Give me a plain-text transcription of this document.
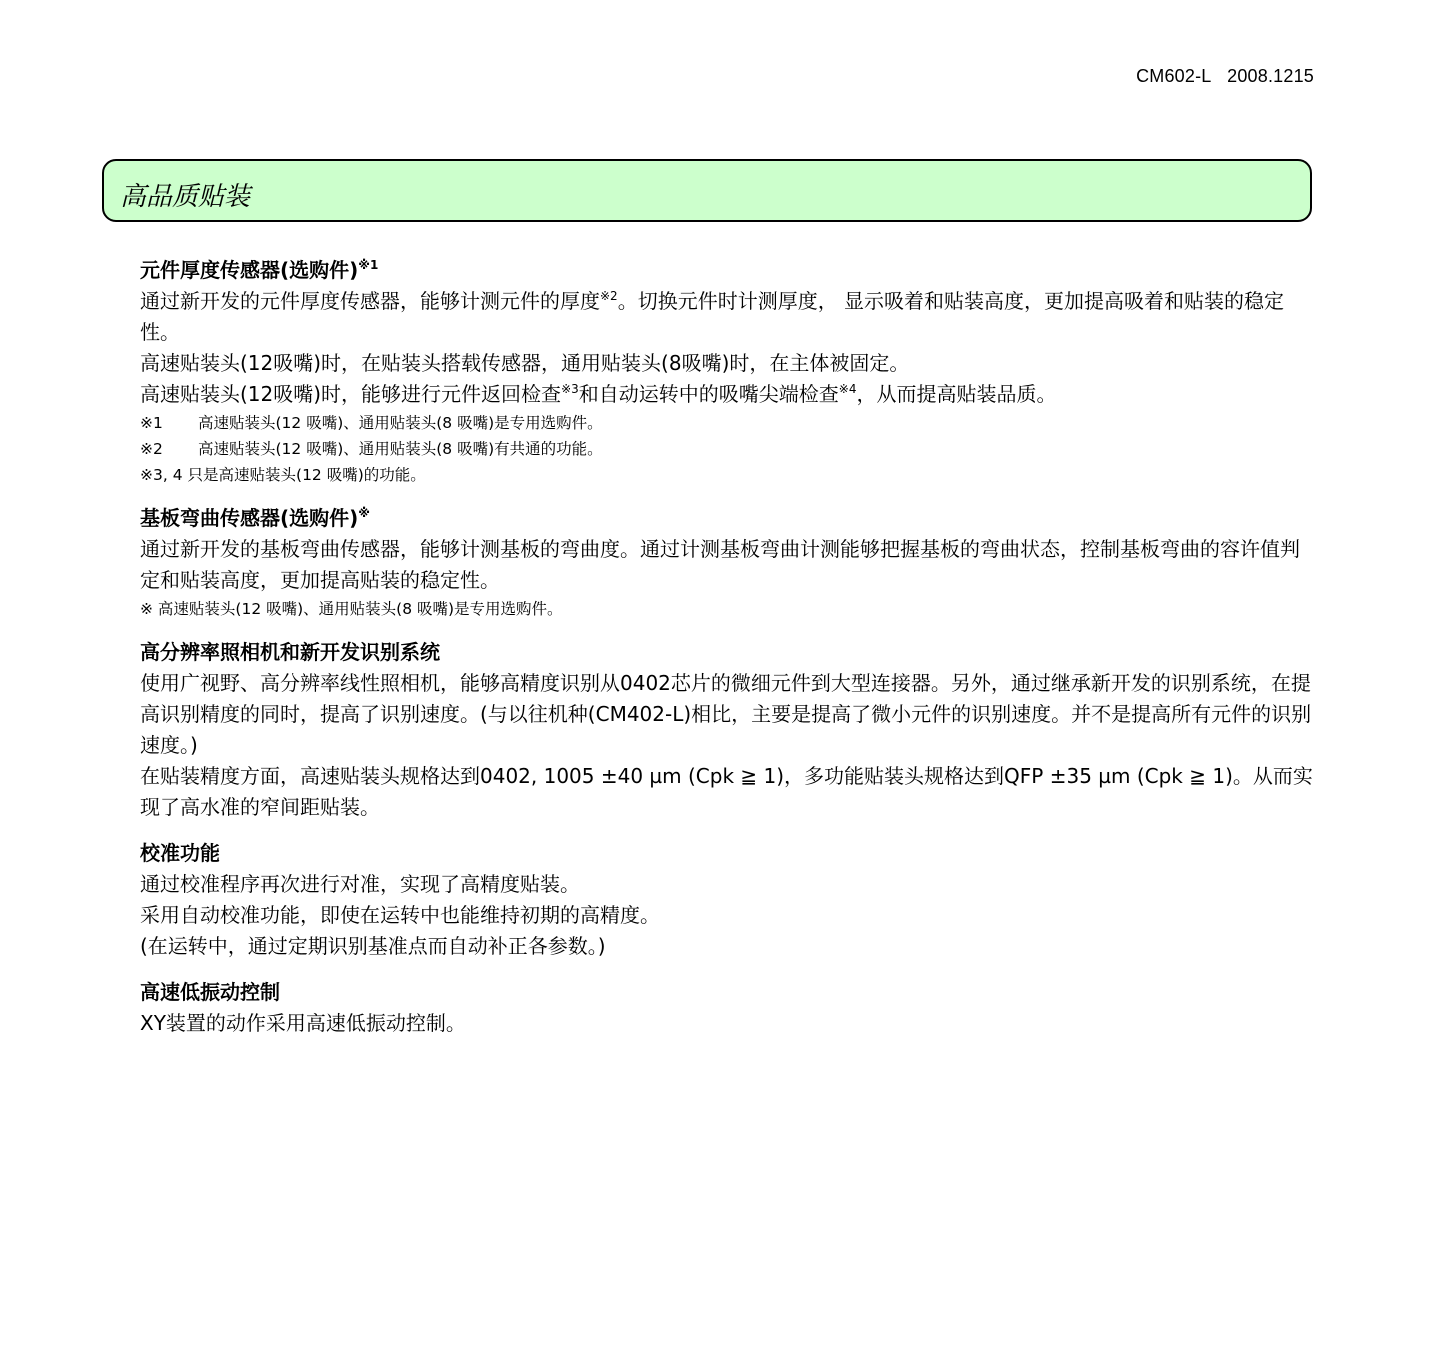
CM602-L 2008.1215
高品质贴装
元件厚度传感器(选购件)$^{※1}$

通过新开发的元件厚度传感器，能够计测元件的厚度$^{※2}$。切换元件时计测厚度， 显示吸着和贴装高度，更加提高吸着和贴装的稳定性。

高速贴装头(12吸嘴)时，在贴装头搭载传感器，通用贴装头(8吸嘴)时，在主体被固定。

高速贴装头(12吸嘴)时，能够进行元件返回检查$^{※3}$和自动运转中的吸嘴尖端检查$^{※4}$，从而提高贴装品质。

※1 高速贴装头(12 吸嘴)、通用贴装头(8 吸嘴)是专用选购件。
※2 高速贴装头(12 吸嘴)、通用贴装头(8 吸嘴)有共通的功能。
※3, 4 只是高速贴装头(12 吸嘴)的功能。
基板弯曲传感器(选购件)※

通过新开发的基板弯曲传感器，能够计测基板的弯曲度。通过计测基板弯曲计测能够把握基板的弯曲状态，控制基板弯曲的容许值判定和贴装高度，更加提高贴装的稳定性。

※ 高速贴装头(12 吸嘴)、通用贴装头(8 吸嘴)是专用选购件。
高分辨率照相机和新开发识别系统

使用广视野、高分辨率线性照相机，能够高精度识别从0402芯片的微细元件到大型连接器。另外，通过继承新开发的识别系统，在提高识别精度的同时，提高了识别速度。(与以往机种(CM402-L)相比，主要是提高了微小元件的识别速度。并不是提高所有元件的识别速度。)

在贴装精度方面，高速贴装头规格达到0402, 1005 ±40 µm (Cpk ≧ 1)，多功能贴装头规格达到QFP ±35 µm (Cpk ≧ 1)。从而实现了高水准的窄间距贴装。

校准功能

通过校准程序再次进行对准，实现了高精度贴装。

采用自动校准功能，即使在运转中也能维持初期的高精度。

(在运转中，通过定期识别基准点而自动补正各参数。)

高速低振动控制

XY装置的动作采用高速低振动控制。
